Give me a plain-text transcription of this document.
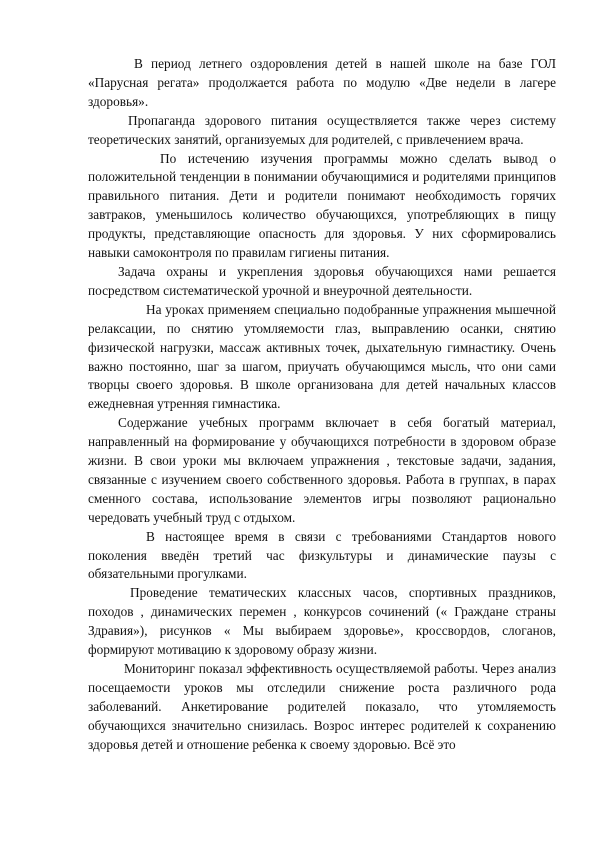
В период летнего оздоровления детей в нашей школе на базе ГОЛ «Парусная регата» продолжается работа по модулю «Две недели в лагере здоровья».

Пропаганда здорового питания осуществляется также через систему теоретических занятий, организуемых для родителей, с привлечением врача.

По истечению изучения программы можно сделать вывод о положительной тенденции в понимании обучающимися и родителями принципов правильного питания. Дети и родители понимают необходимость горячих завтраков, уменьшилось количество обучающихся, употребляющих в пищу продукты, представляющие опасность для здоровья. У них сформировались навыки самоконтроля по правилам гигиены питания.

Задача охраны и укрепления здоровья обучающихся нами решается посредством систематической урочной и внеурочной деятельности.

На уроках применяем специально подобранные упражнения мышечной релаксации, по снятию утомляемости глаз, выправлению осанки, снятию физической нагрузки, массаж активных точек, дыхательную гимнастику. Очень важно постоянно, шаг за шагом, приучать обучающимся мысль, что они сами творцы своего здоровья. В школе организована для детей начальных классов ежедневная утренняя гимнастика.

Содержание учебных программ включает в себя богатый материал, направленный на формирование у обучающихся потребности в здоровом образе жизни. В свои уроки мы включаем упражнения , текстовые задачи, задания, связанные с изучением своего собственного здоровья. Работа в группах, в парах сменного состава, использование элементов игры позволяют рационально чередовать учебный труд с отдыхом.

В настоящее время в связи с требованиями Стандартов нового поколения введён третий час физкультуры и динамические паузы с обязательными прогулками.

Проведение тематических классных часов, спортивных праздников, походов , динамических перемен , конкурсов сочинений (« Граждане страны Здравия»), рисунков « Мы выбираем здоровье», кроссвордов, слоганов, формируют мотивацию к здоровому образу жизни.

Мониторинг показал эффективность осуществляемой работы. Через анализ посещаемости уроков мы отследили снижение роста различного рода заболеваний. Анкетирование родителей показало, что утомляемость обучающихся значительно снизилась. Возрос интерес родителей к сохранению здоровья детей и отношение ребенка к своему здоровью. Всё это
